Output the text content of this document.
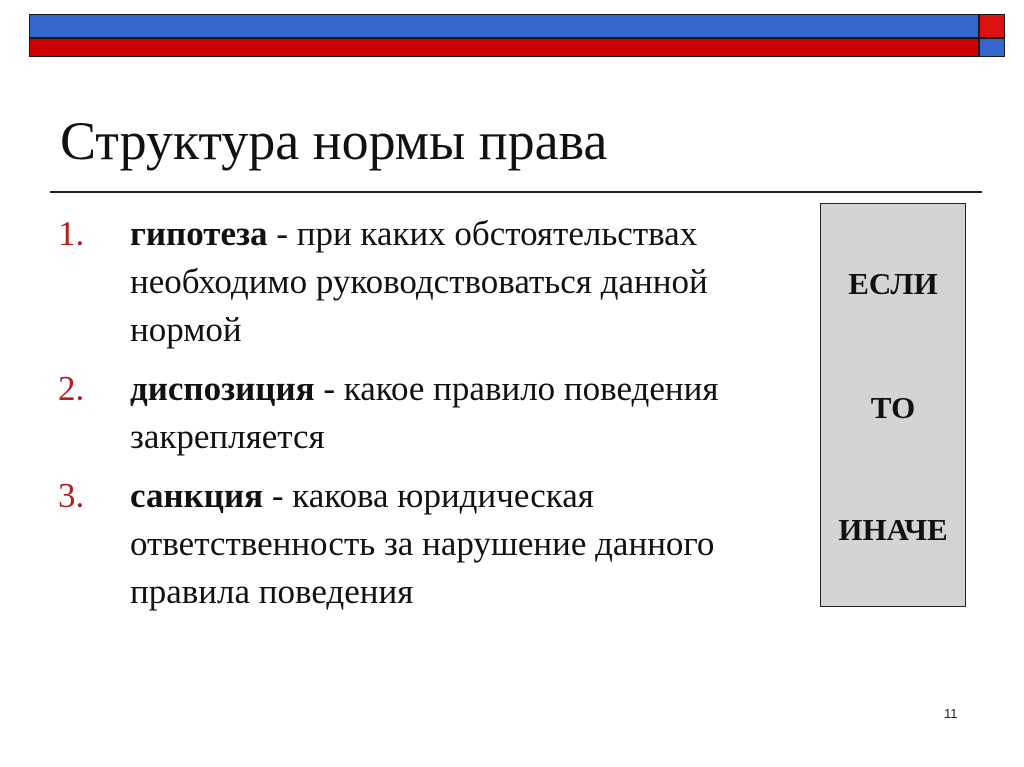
Структура нормы права
1. гипотеза - при каких обстоятельствах необходимо руководствоваться данной нормой
2. диспозиция - какое правило поведения закрепляется
3. санкция - какова юридическая ответственность за нарушение данного правила поведения
ЕСЛИ
ТО
ИНАЧЕ
11
